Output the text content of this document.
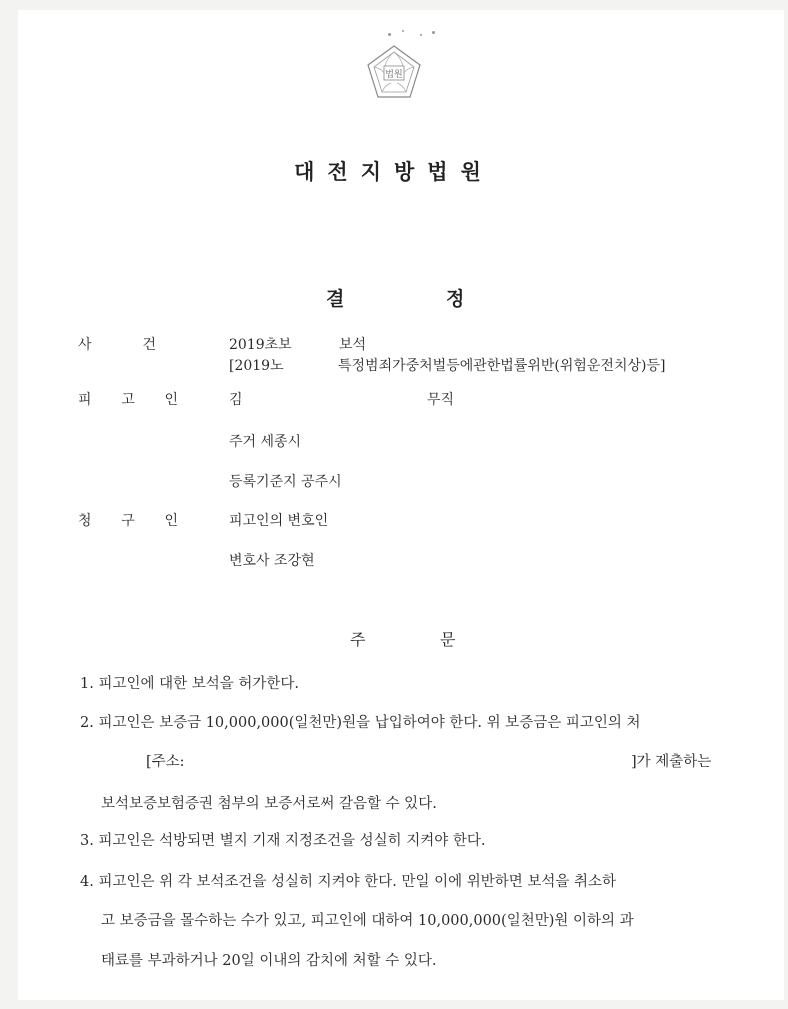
법원
대전지방법원
결	정
사	건	2019초보	보석
[2019노	특정범죄가중처벌등에관한법률위반(위험운전치상)등]
피 고 인	김	무직
주거 세종시
등록기준지 공주시
청 구 인	피고인의 변호인
변호사 조강현
주	문
1. 피고인에 대한 보석을 허가한다.
2. 피고인은 보증금 10,000,000(일천만)원을 납입하여야 한다. 위 보증금은 피고인의 처
[주소:	]가 제출하는
보석보증보험증권 첨부의 보증서로써 갈음할 수 있다.
3. 피고인은 석방되면 별지 기재 지정조건을 성실히 지켜야 한다.
4. 피고인은 위 각 보석조건을 성실히 지켜야 한다. 만일 이에 위반하면 보석을 취소하
고 보증금을 몰수하는 수가 있고, 피고인에 대하여 10,000,000(일천만)원 이하의 과
태료를 부과하거나 20일 이내의 감치에 처할 수 있다.
